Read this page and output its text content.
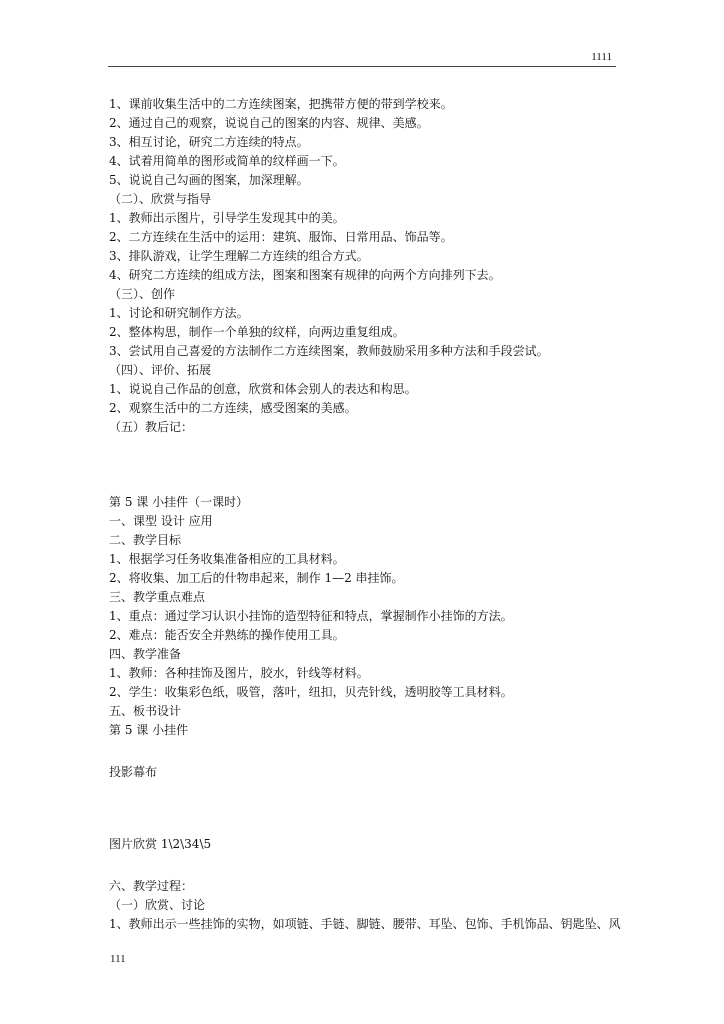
1111
1、课前收集生活中的二方连续图案，把携带方便的带到学校来。
2、通过自己的观察，说说自己的图案的内容、规律、美感。
3、相互讨论，研究二方连续的特点。
4、试着用简单的图形或简单的纹样画一下。
5、说说自己勾画的图案，加深理解。
（二）、欣赏与指导
1、教师出示图片，引导学生发现其中的美。
2、二方连续在生活中的运用：建筑、服饰、日常用品、饰品等。
3、排队游戏，让学生理解二方连续的组合方式。
4、研究二方连续的组成方法，图案和图案有规律的向两个方向排列下去。
（三）、创作
1、讨论和研究制作方法。
2、整体构思，制作一个单独的纹样，向两边重复组成。
3、尝试用自己喜爱的方法制作二方连续图案，教师鼓励采用多种方法和手段尝试。
（四）、评价、拓展
1、说说自己作品的创意，欣赏和体会别人的表达和构思。
2、观察生活中的二方连续，感受图案的美感。
（五）教后记：
第 5 课 小挂件（一课时）
一、课型 设计 应用
二、教学目标
1、根据学习任务收集准备相应的工具材料。
2、将收集、加工后的什物串起来，制作 1—2 串挂饰。
三、教学重点难点
1、重点：通过学习认识小挂饰的造型特征和特点，掌握制作小挂饰的方法。
2、难点：能否安全并熟练的操作使用工具。
四、教学准备
1、教师：各种挂饰及图片，胶水，针线等材料。
2、学生：收集彩色纸，吸管，落叶，纽扣，贝壳针线，透明胶等工具材料。
五、板书设计
第 5 课 小挂件
投影幕布
图片欣赏 1\2\34\5
六、教学过程：
（一）欣赏、讨论
1、教师出示一些挂饰的实物，如项链、手链、脚链、腰带、耳坠、包饰、手机饰品、钥匙坠、风
111
